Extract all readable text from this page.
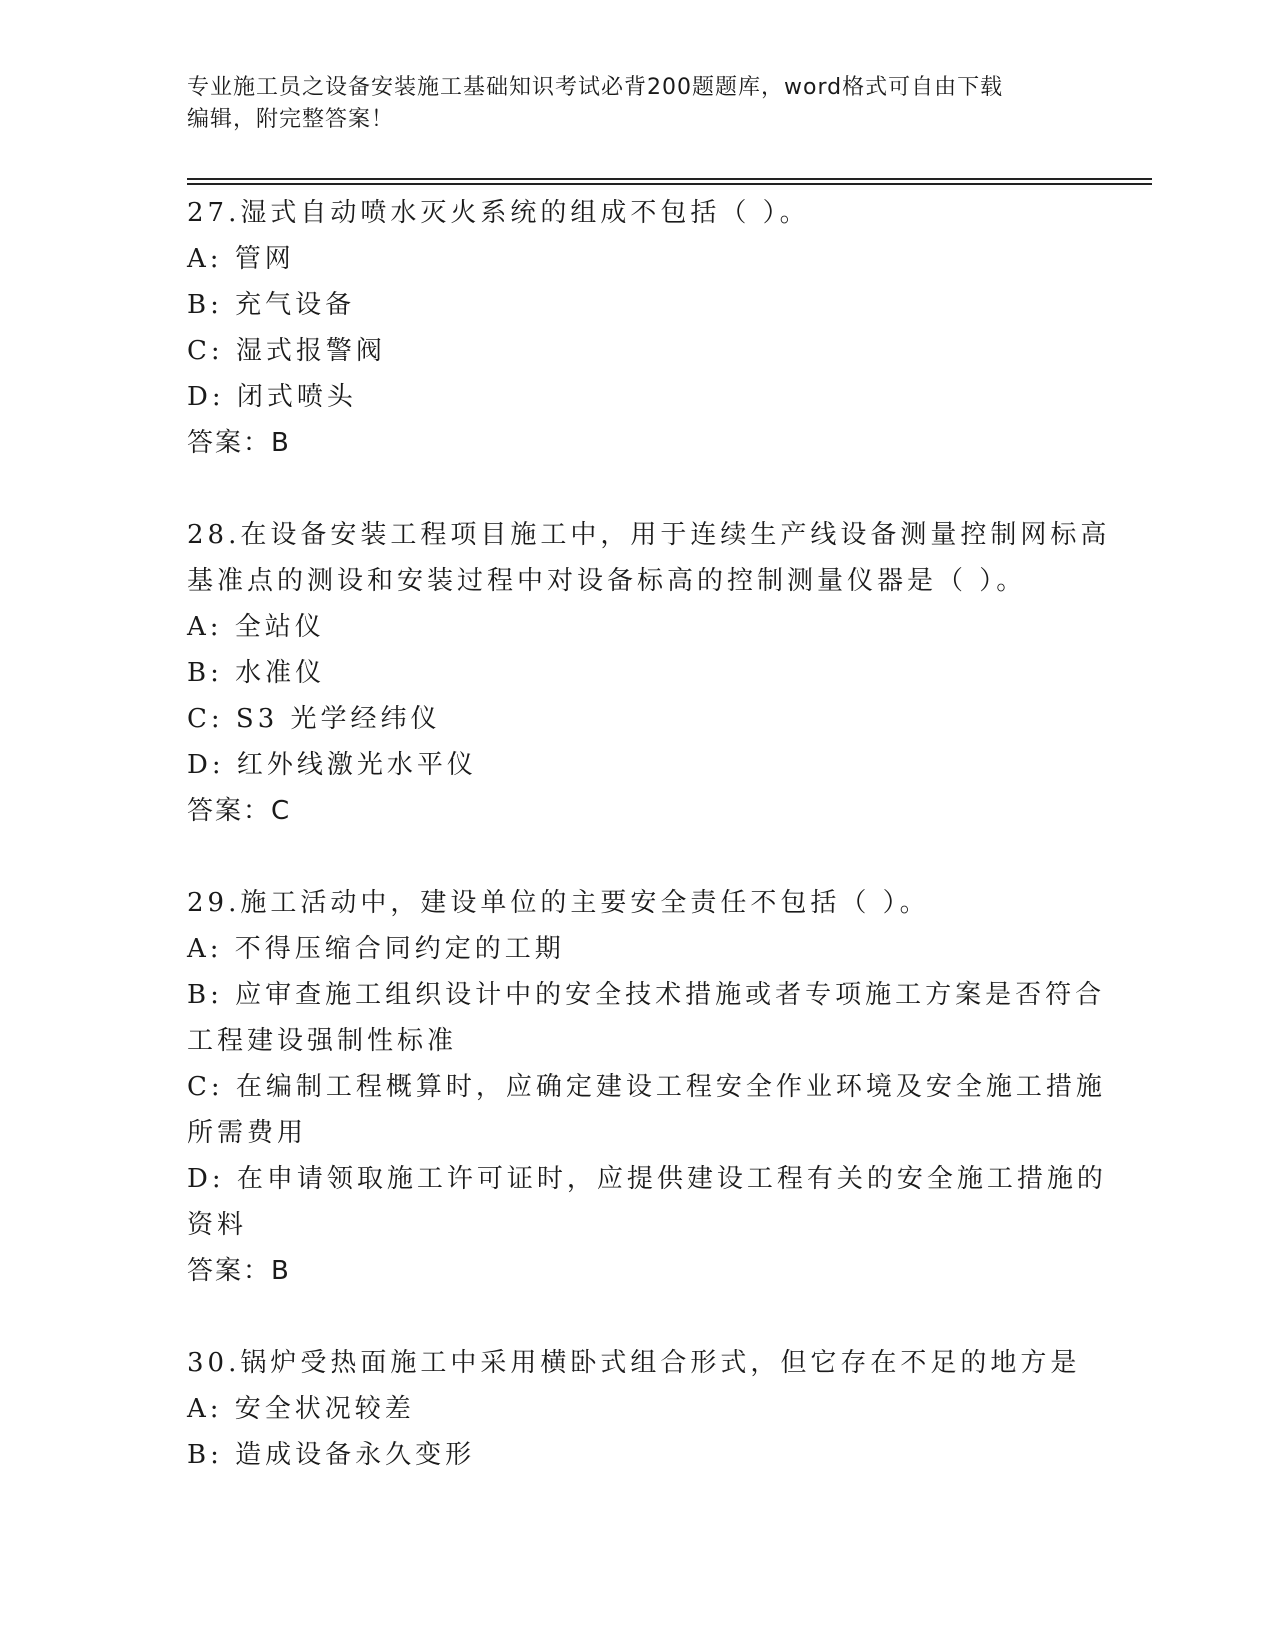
专业施工员之设备安装施工基础知识考试必背200题题库，word格式可自由下载
编辑，附完整答案！
27.湿式自动喷水灭火系统的组成不包括（ ）。
A: 管网
B: 充气设备
C: 湿式报警阀
D: 闭式喷头
答案：B
28.在设备安装工程项目施工中，用于连续生产线设备测量控制网标高
基准点的测设和安装过程中对设备标高的控制测量仪器是（ ）。
A: 全站仪
B: 水准仪
C: S3 光学经纬仪
D: 红外线激光水平仪
答案：C
29.施工活动中，建设单位的主要安全责任不包括（ ）。
A: 不得压缩合同约定的工期
B: 应审查施工组织设计中的安全技术措施或者专项施工方案是否符合
工程建设强制性标准
C: 在编制工程概算时，应确定建设工程安全作业环境及安全施工措施
所需费用
D: 在申请领取施工许可证时，应提供建设工程有关的安全施工措施的
资料
答案：B
30.锅炉受热面施工中采用横卧式组合形式，但它存在不足的地方是
A: 安全状况较差
B: 造成设备永久变形
